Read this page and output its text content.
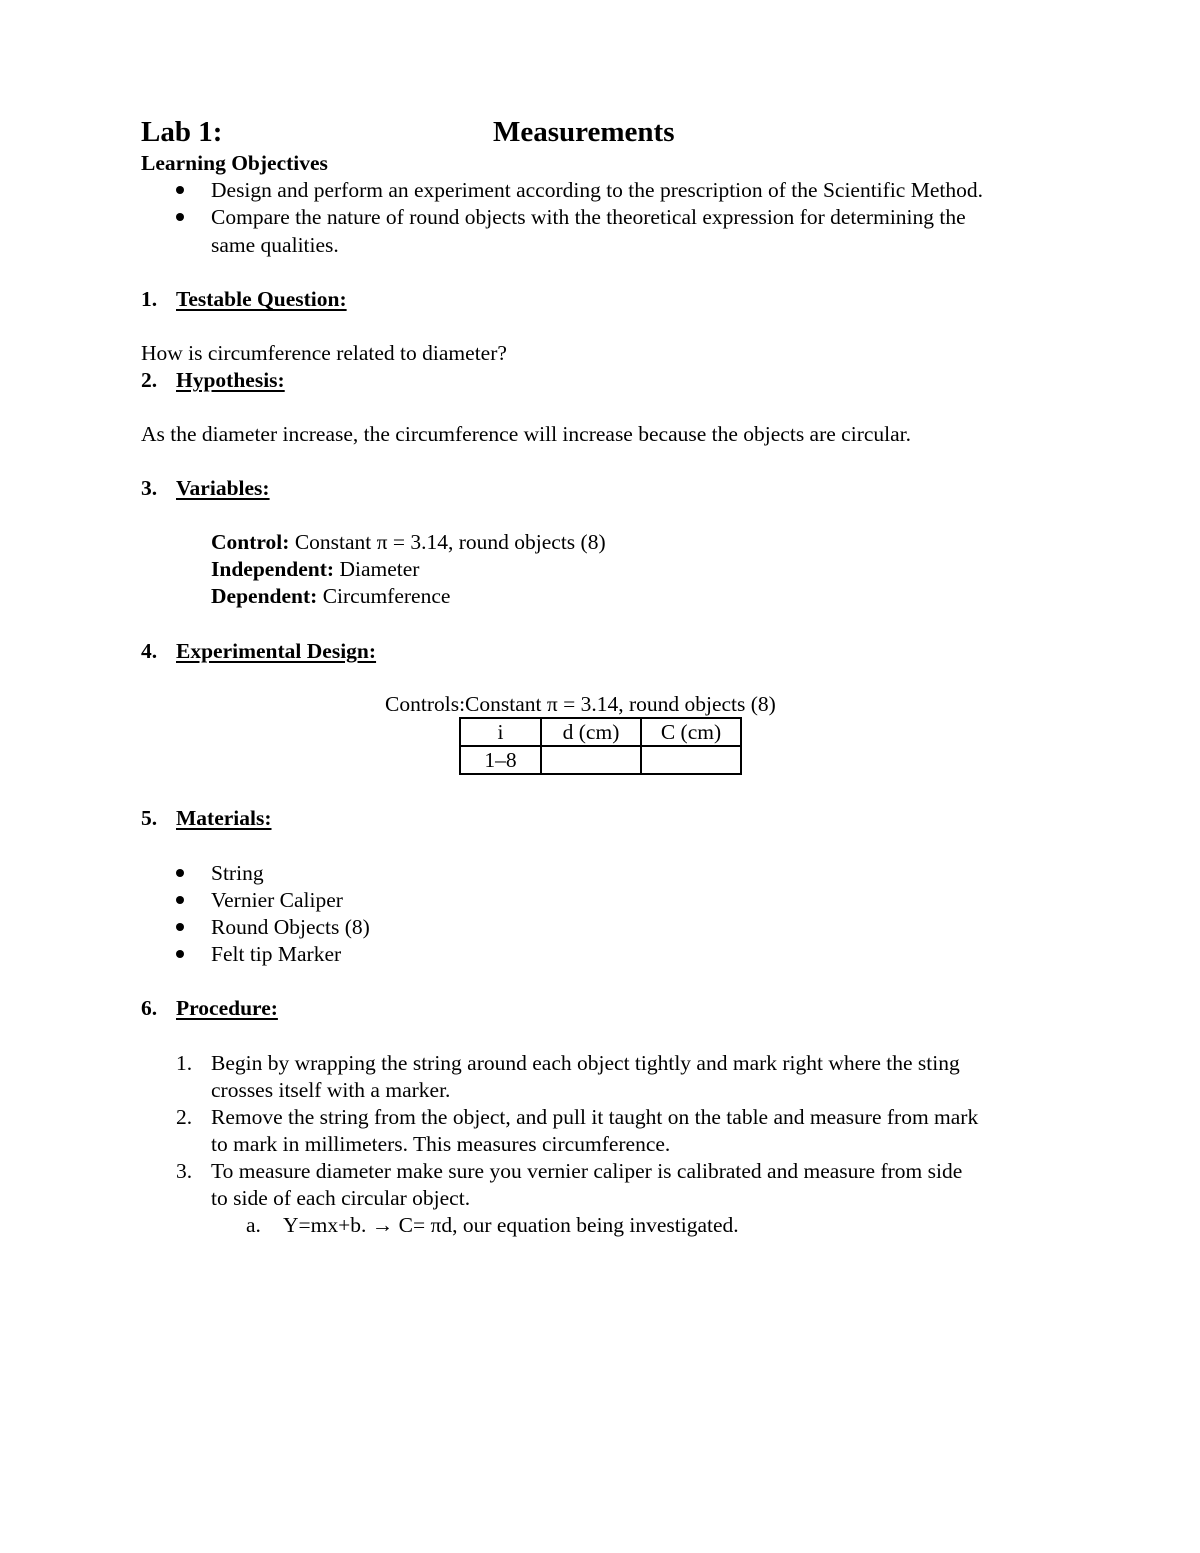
Lab 1:	Measurements
Learning Objectives
Design and perform an experiment according to the prescription of the Scientific Method.
Compare the nature of round objects with the theoretical expression for determining the
same qualities.
1. Testable Question:
How is circumference related to diameter?
2. Hypothesis:
As the diameter increase, the circumference will increase because the objects are circular.
3. Variables:
Control: Constant π = 3.14, round objects (8)
Independent: Diameter
Dependent: Circumference
4. Experimental Design:
Controls:Constant π = 3.14, round objects (8)
i	d (cm)	C (cm)
1–8		
5. Materials:
String
Vernier Caliper
Round Objects (8)
Felt tip Marker
6. Procedure:
1. Begin by wrapping the string around each object tightly and mark right where the sting
crosses itself with a marker.
2. Remove the string from the object, and pull it taught on the table and measure from mark
to mark in millimeters. This measures circumference.
3. To measure diameter make sure you vernier caliper is calibrated and measure from side
to side of each circular object.
a. Y=mx+b. → C= πd, our equation being investigated.
